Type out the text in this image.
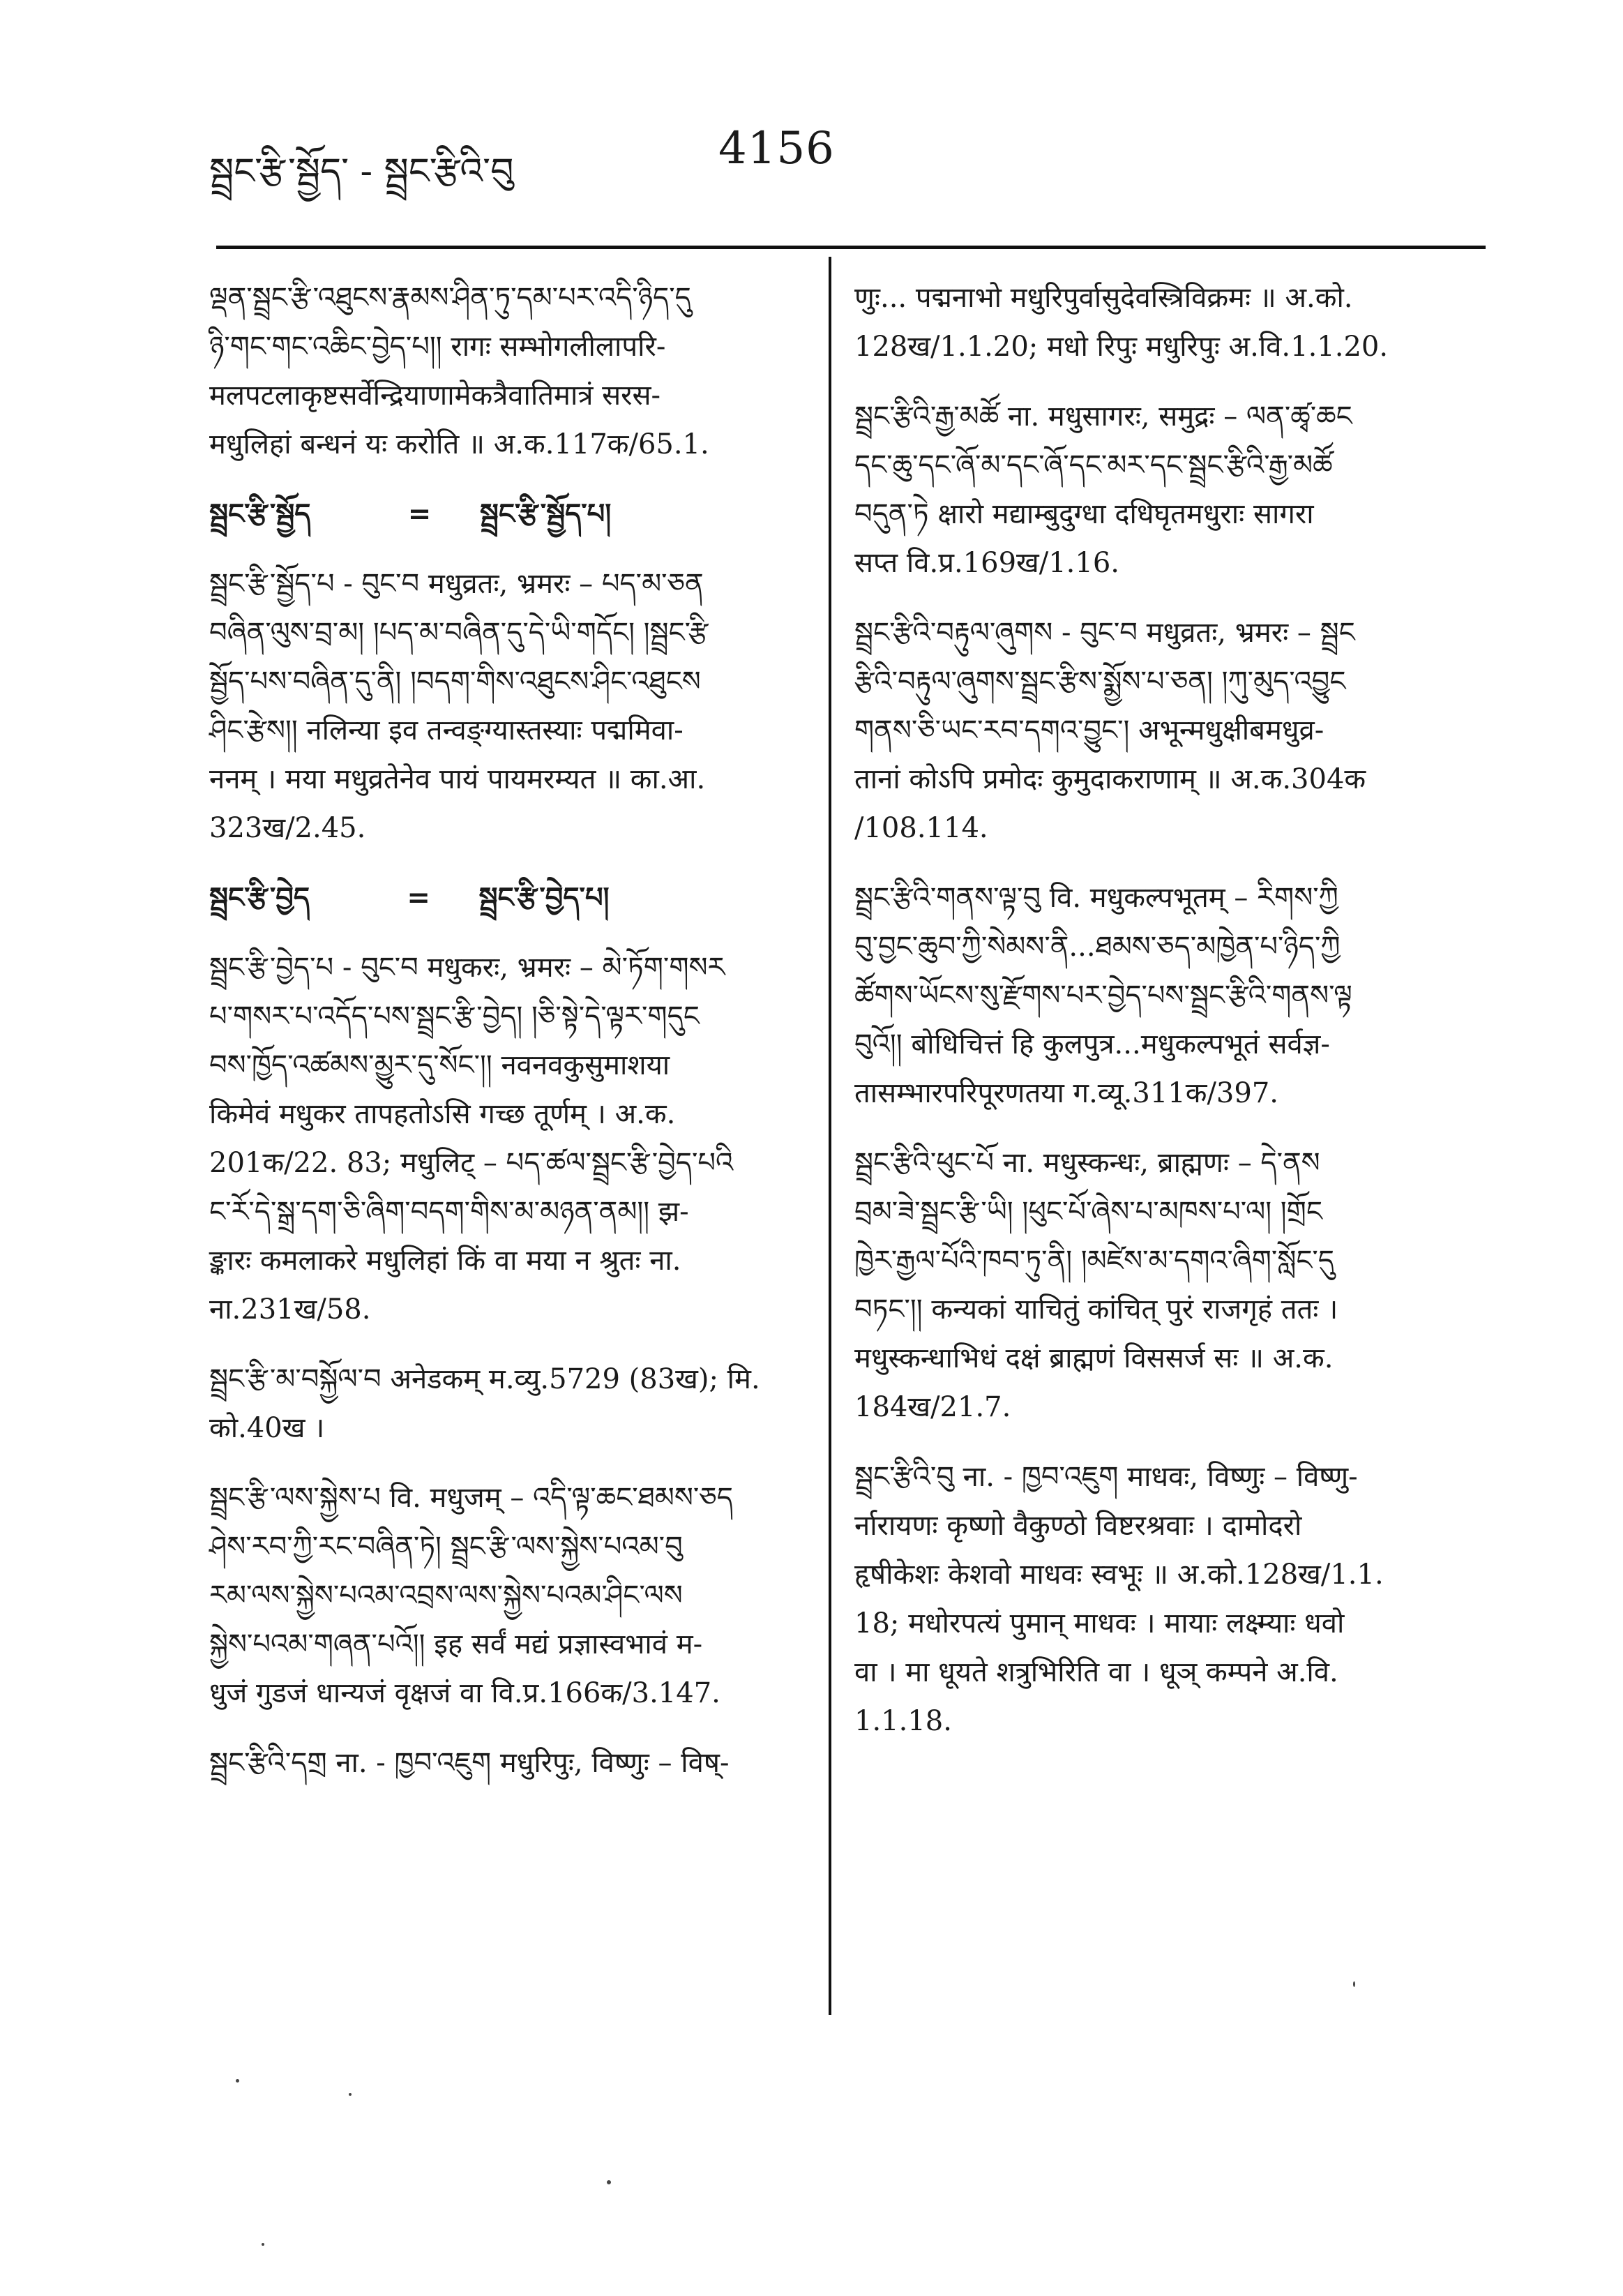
སྦྲང་རྩི་སྦྱོད་ - སྦྲང་རྩིའི་བུ	4156
ལྡན་སྦྲང་རྩི་འཐུངས་རྣམས་ཤིན་ཏུ་དམ་པར་འདི་ཉིད་དུ
ཉི་གང་གང་འཆིང་བྱེད་པ།། रागः सम्भोगलीलापरि-
मलपटलाकृष्टसर्वेन्द्रियाणामेकत्रैवातिमात्रं सरस-
मधुलिहां बन्धनं यः करोति ॥ अ.क.117क/65.1.
སྦྲང་རྩི་སྦྱོད          =     སྦྲང་རྩི་སྦྱོད་པ།
སྦྲང་རྩི་སྦྱོད་པ - བུང་བ मधुव्रतः, भ्रमरः – པད་མ་ཅན
བཞིན་ལུས་བྲ་མ། །པད་མ་བཞིན་དུ་དེ་ཡི་གདོང། །སྦྲང་རྩི
སྦྱོད་པས་བཞིན་དུ་ནི། །བདག་གིས་འཐུངས་ཤིང་འཐུངས
ཤིང་རྩེས།། नलिन्या इव तन्वङ्ग्यास्तस्याः पद्ममिवा-
ननम् । मया मधुव्रतेनेव पायं पायमरम्यत ॥ का.आ.
323ख/2.45.
སྦྲང་རྩི་བྱེད          =     སྦྲང་རྩི་བྱེད་པ།
སྦྲང་རྩི་བྱེད་པ - བུང་བ मधुकरः, भ्रमरः – མེ་ཏོག་གསར
པ་གསར་པ་འདོད་པས་སྦྲང་རྩི་བྱེད། །ཅི་སྟེ་དེ་ལྟར་གདུང
བས་ཁྱོད་འཚམས་མྱུར་དུ་སོང་།། नवनवकुसुमाशया
किमेवं मधुकर तापहतोऽसि गच्छ तूर्णम् । अ.क.
201क/22. 83; मधुलिट् – པད་ཚལ་སྦྲང་རྩི་བྱེད་པའི
ང་རོ་དེ་སྒྲ་དག་ཅི་ཞིག་བདག་གིས་མ་མཉན་ནམ།། झ-
ङ्कारः कमलाकरे मधुलिहां किं वा मया न श्रुतः ना.
ना.231ख/58.
སྦྲང་རྩི་མ་བསྐྱོལ་བ अनेडकम् म.व्यु.5729 (83ख); मि.
को.40ख ।
སྦྲང་རྩི་ལས་སྐྱེས་པ वि. मधुजम् – འདི་ལྟ་ཆང་ཐམས་ཅད
ཤེས་རབ་ཀྱི་རང་བཞིན་ཏེ། སྦྲང་རྩི་ལས་སྐྱེས་པའམ་བུ
རམ་ལས་སྐྱེས་པའམ་འབྲས་ལས་སྐྱེས་པའམ་ཤིང་ལས
སྐྱེས་པའམ་གཞན་པའོ།། इह सर्वं मद्यं प्रज्ञास्वभावं म-
धुजं गुडजं धान्यजं वृक्षजं वा वि.प्र.166क/3.147.
སྦྲང་རྩིའི་དགྲ ना. - ཁྱབ་འཇུག मधुरिपुः, विष्णुः – विष्-
णुः... पद्मनाभो मधुरिपुर्वासुदेवस्त्रिविक्रमः ॥ अ.को.
128ख/1.1.20; मधो रिपुः मधुरिपुः अ.वि.1.1.20.
སྦྲང་རྩིའི་རྒྱ་མཚོ ना. मधुसागरः, समुद्रः – ལན་ཚྭ་ཆང
དང་ཆུ་དང་ཞོ་མ་དང་ཞོ་དང་མར་དང་སྦྲང་རྩིའི་རྒྱ་མཚོ
བདུན་ཏེ क्षारो मद्याम्बुदुग्धा दधिघृतमधुराः सागरा
सप्त वि.प्र.169ख/1.16.
སྦྲང་རྩིའི་བརྟུལ་ཞུགས - བུང་བ मधुव्रतः, भ्रमरः – སྦྲང
རྩིའི་བརྟུལ་ཞུགས་སྦྲང་རྩིས་སྨྱོས་པ་ཅན། །ཀུ་མུད་འབྱུང
གནས་ཅི་ཡང་རབ་དགའ་བྱུང་། अभून्मधुक्षीबमधुव्र-
तानां कोऽपि प्रमोदः कुमुदाकराणाम् ॥ अ.क.304क
/108.114.
སྦྲང་རྩིའི་གནས་ལྟ་བུ वि. मधुकल्पभूतम् – རིགས་ཀྱི
བུ་བྱང་ཆུབ་ཀྱི་སེམས་ནི...ཐམས་ཅད་མཁྱེན་པ་ཉིད་ཀྱི
ཚོགས་ཡོངས་སུ་རྫོགས་པར་བྱེད་པས་སྦྲང་རྩིའི་གནས་ལྟ
བུའོ།། बोधिचित्तं हि कुलपुत्र...मधुकल्पभूतं सर्वज्ञ-
तासम्भारपरिपूरणतया ग.व्यू.311क/397.
སྦྲང་རྩིའི་ཕུང་པོ ना. मधुस्कन्धः, ब्राह्मणः – དེ་ནས
བྲམ་ཟེ་སྦྲང་རྩི་ཡི། །ཕུང་པོ་ཞེས་པ་མཁས་པ་ལ། །གྲོང
ཁྱེར་རྒྱལ་པོའི་ཁབ་ཏུ་ནི། །མཛེས་མ་དགའ་ཞིག་སློང་དུ
བཏང་།། कन्यकां याचितुं कांचित् पुरं राजगृहं ततः ।
मधुस्कन्धाभिधं दक्षं ब्राह्मणं विससर्ज सः ॥ अ.क.
184ख/21.7.
སྦྲང་རྩིའི་བུ ना. - ཁྱབ་འཇུག माधवः, विष्णुः – विष्णु-
र्नारायणः कृष्णो वैकुण्ठो विष्टरश्रवाः । दामोदरो
हृषीकेशः केशवो माधवः स्वभूः ॥ अ.को.128ख/1.1.
18; मधोरपत्यं पुमान् माधवः । मायाः लक्ष्म्याः धवो
वा । मा धूयते शत्रुभिरिति वा । धूञ् कम्पने अ.वि.
1.1.18.
